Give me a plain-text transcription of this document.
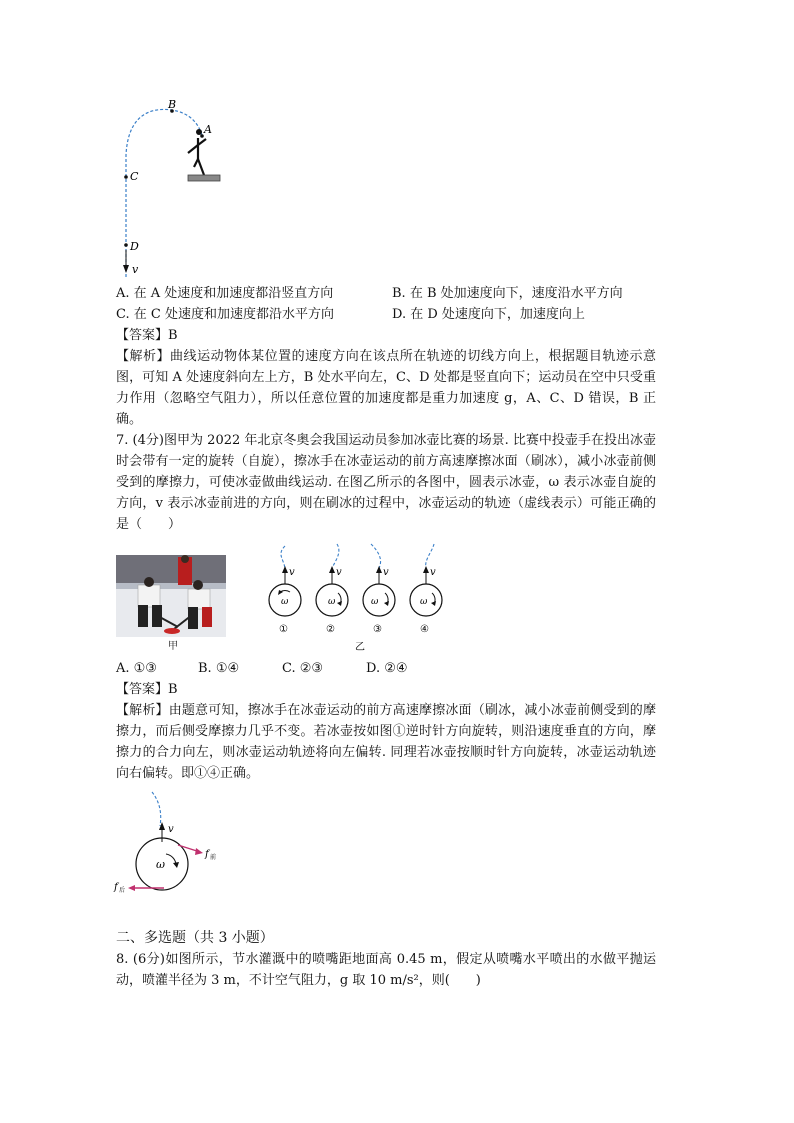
B
A
C
D
v
A. 在 A 处速度和加速度都沿竖直方向	B. 在 B 处加速度向下，速度沿水平方向
C. 在 C 处速度和加速度都沿水平方向	D. 在 D 处速度向下，加速度向上
【答案】B
【解析】曲线运动物体某位置的速度方向在该点所在轨迹的切线方向上，根据题目轨迹示意图，可知 A 处速度斜向左上方，B 处水平向左，C、D 处都是竖直向下；运动员在空中只受重力作用（忽略空气阻力），所以任意位置的加速度都是重力加速度 g，A、C、D 错误，B 正确。
7. (4分)图甲为 2022 年北京冬奥会我国运动员参加冰壶比赛的场景. 比赛中投壶手在投出冰壶时会带有一定的旋转（自旋），擦冰手在冰壶运动的前方高速摩擦冰面（刷冰），减小冰壶前侧受到的摩擦力，可使冰壶做曲线运动. 在图乙所示的各图中，圆表示冰壶，ω 表示冰壶自旋的方向，v 表示冰壶前进的方向，则在刷冰的过程中，冰壶运动的轨迹（虚线表示）可能正确的是（　　）
甲
v
ω
①
v
ω
②
v
ω
③
v
ω
④
乙
A. ①③	B. ①④	C. ②③	D. ②④
【答案】B
【解析】由题意可知，擦冰手在冰壶运动的前方高速摩擦冰面（刷冰，减小冰壶前侧受到的摩擦力，而后侧受摩擦力几乎不变。若冰壶按如图①逆时针方向旋转，则沿速度垂直的方向，摩擦力的合力向左，则冰壶运动轨迹将向左偏转. 同理若冰壶按顺时针方向旋转，冰壶运动轨迹向右偏转。即①④正确。
v
ω
f 前
f 后
二、多选题（共 3 小题）
8. (6分)如图所示，节水灌溉中的喷嘴距地面高 0.45 m，假定从喷嘴水平喷出的水做平抛运动，喷灌半径为 3 m，不计空气阻力，g 取 10 m/s²，则(　　)
